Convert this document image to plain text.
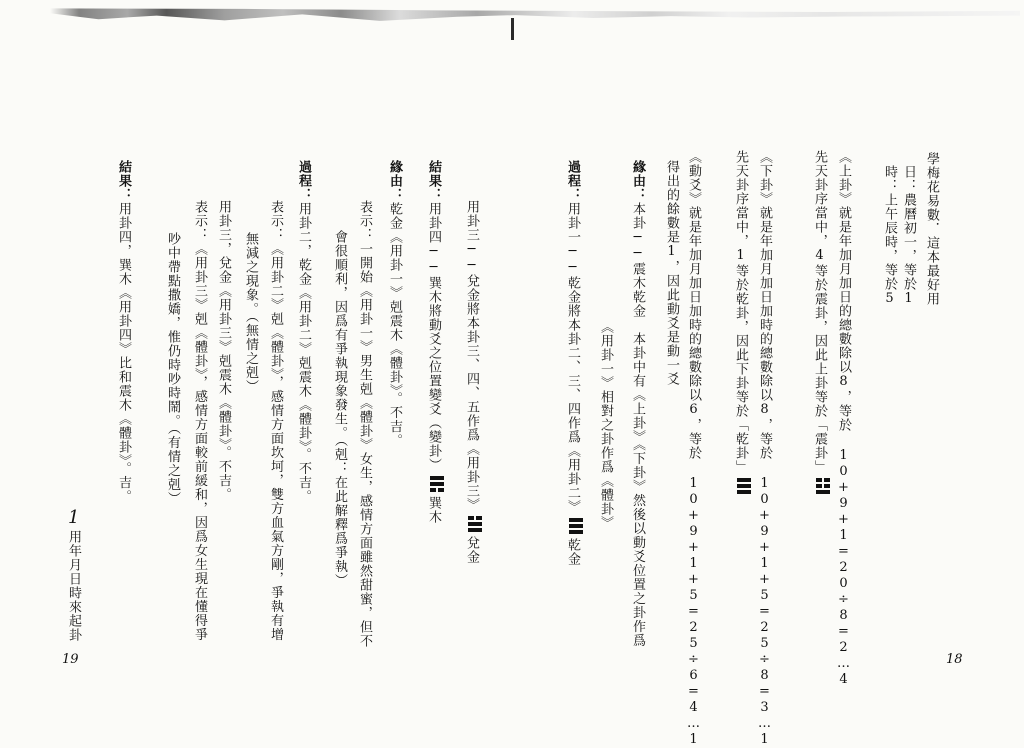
學梅花易數．這本最好用
日：農曆初一，等於1
時：上午辰時，等於5
《上卦》就是年加月加日的總數除以8，等於 10+9+1=20÷8=2…4
先天卦序當中，4等於震卦，因此上卦等於「震卦」
《下卦》就是年加月加日加時的總數除以8，等於 10+9+1+5=25÷8=3…1
先天卦序當中，1等於乾卦，因此下卦等於「乾卦」
《動爻》就是年加月加日加時的總數除以6，等於 10+9+1+5=25÷6=4…1
得出的餘數是1，因此動爻是動一爻
緣由：本卦──震木乾金　本卦中有《上卦》《下卦》然後以動爻位置之卦作爲
《用卦一》相對之卦作爲《體卦》
過程：用卦一──乾金將本卦二、三、四作爲《用卦二》
乾金
18
用卦三──兌金將本卦三、四、五作爲《用卦三》
兌金
結果：用卦四──巽木將動爻之位置變爻（變卦）
巽木
緣由：乾金《用卦一》剋震木《體卦》。不吉。
表示：一開始《用卦一》男生剋《體卦》女生，感情方面雖然甜蜜，但不
會很順利，因爲有爭執現象發生。（剋：在此解釋爲爭執）
過程：用卦二，乾金《用卦二》剋震木《體卦》。不吉。
表示：《用卦二》剋《體卦》，感情方面坎坷，雙方血氣方剛，爭執有增
無減之現象。（無情之剋）
用卦三，兌金《用卦三》剋震木《體卦》。不吉。
表示：《用卦三》剋《體卦》，感情方面較前緩和，因爲女生現在懂得爭
吵中帶點撒嬌，惟仍時吵時鬧。（有情之剋）
結果：用卦四，巽木《用卦四》比和震木《體卦》。吉。
1
用年月日時來起卦
19
